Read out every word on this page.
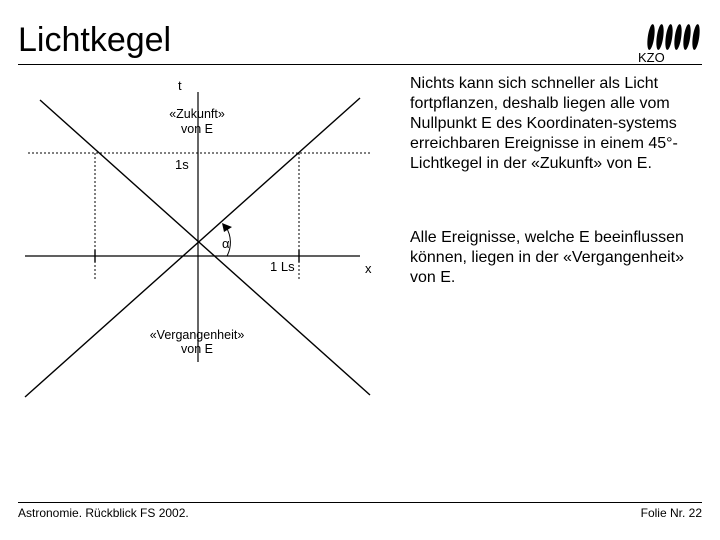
Lichtkegel	KZO
t
x
«Zukunft»
von E
1s
α
1 Ls
«Vergangenheit»
von E
Nichts kann sich schneller als Licht fortpflanzen, deshalb liegen alle vom Nullpunkt E des Koordinaten-systems erreichbaren Ereignisse in einem 45°-Lichtkegel in der «Zukunft» von E.
Alle Ereignisse, welche E beeinflussen können, liegen in der «Vergangenheit» von E.
Astronomie. Rückblick FS 2002.	Folie Nr. 22
